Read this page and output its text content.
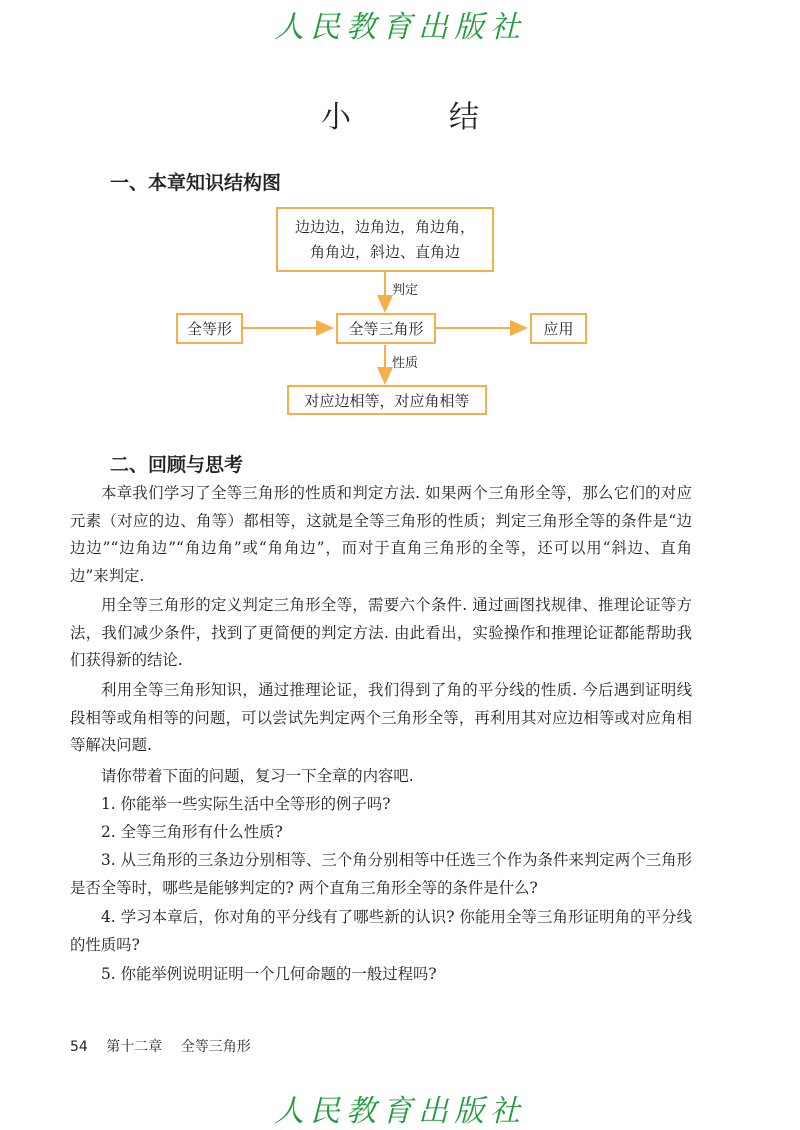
人民教育出版社
小　结
一、本章知识结构图
边边边，边角边，角边角，
角角边，斜边、直角边
判定
全等形	全等三角形	应用
性质
对应边相等，对应角相等
二、回顾与思考

本章我们学习了全等三角形的性质和判定方法. 如果两个三角形全等，那么它们的对应元素（对应的边、角等）都相等，这就是全等三角形的性质；判定三角形全等的条件是“边边边”“边角边”“角边角”或“角角边”，而对于直角三角形的全等，还可以用“斜边、直角边”来判定.

用全等三角形的定义判定三角形全等，需要六个条件. 通过画图找规律、推理论证等方法，我们减少条件，找到了更简便的判定方法. 由此看出，实验操作和推理论证都能帮助我们获得新的结论.

利用全等三角形知识，通过推理论证，我们得到了角的平分线的性质. 今后遇到证明线段相等或角相等的问题，可以尝试先判定两个三角形全等，再利用其对应边相等或对应角相等解决问题.

请你带着下面的问题，复习一下全章的内容吧.

1. 你能举一些实际生活中全等形的例子吗?

2. 全等三角形有什么性质?

3. 从三角形的三条边分别相等、三个角分别相等中任选三个作为条件来判定两个三角形是否全等时，哪些是能够判定的? 两个直角三角形全等的条件是什么?

4. 学习本章后，你对角的平分线有了哪些新的认识? 你能用全等三角形证明角的平分线的性质吗?

5. 你能举例说明证明一个几何命题的一般过程吗?

54 第十二章 全等三角形
人民教育出版社
